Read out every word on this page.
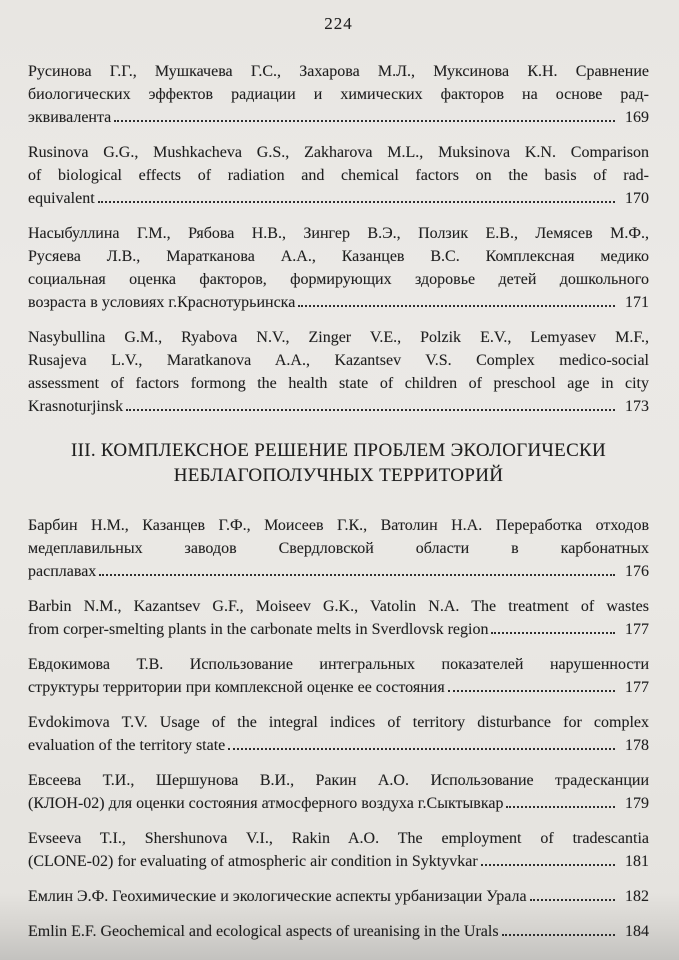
224
Русинова Г.Г., Мушкачева Г.С., Захарова М.Л., Муксинова К.Н. Сравнение
биологических эффектов радиации и химических факторов на основе рад-
эквивалента	169
Rusinova G.G., Mushkacheva G.S., Zakharova M.L., Muksinova K.N. Comparison
of biological effects of radiation and chemical factors on the basis of rad-
equivalent	170
Насыбуллина Г.М., Рябова Н.В., Зингер В.Э., Ползик Е.В., Лемясев М.Ф.,
Русяева Л.В., Маратканова А.А., Казанцев В.С. Комплексная медико
социальная оценка факторов, формирующих здоровье детей дошкольного
возраста в условиях г.Краснотурьинска	171
Nasybullina G.M., Ryabova N.V., Zinger V.E., Polzik E.V., Lemyasev M.F.,
Rusajeva L.V., Maratkanova A.A., Kazantsev V.S. Complex medico-social
assessment of factors formong the health state of children of preschool age in city
Krasnoturjinsk	173
III. КОМПЛЕКСНОЕ РЕШЕНИЕ ПРОБЛЕМ ЭКОЛОГИЧЕСКИ
НЕБЛАГОПОЛУЧНЫХ ТЕРРИТОРИЙ
Барбин Н.М., Казанцев Г.Ф., Моисеев Г.К., Ватолин Н.А. Переработка отходов
медеплавильных заводов Свердловской области в карбонатных
расплавах	176
Barbin N.M., Kazantsev G.F., Moiseev G.K., Vatolin N.A. The treatment of wastes
from corper-smelting plants in the carbonate melts in Sverdlovsk region	177
Евдокимова Т.В. Использование интегральных показателей нарушенности
структуры территории при комплексной оценке ее состояния	177
Evdokimova T.V. Usage of the integral indices of territory disturbance for complex
evaluation of the territory state	178
Евсеева Т.И., Шершунова В.И., Ракин А.О. Использование традесканции
(КЛОН-02) для оценки состояния атмосферного воздуха г.Сыктывкар	179
Evseeva T.I., Shershunova V.I., Rakin A.O. The employment of tradescantia
(CLONE-02) for evaluating of atmospheric air condition in Syktyvkar	181
Емлин Э.Ф. Геохимические и экологические аспекты урбанизации Урала	182
Emlin E.F. Geochemical and ecological aspects of ureanising in the Urals	184
